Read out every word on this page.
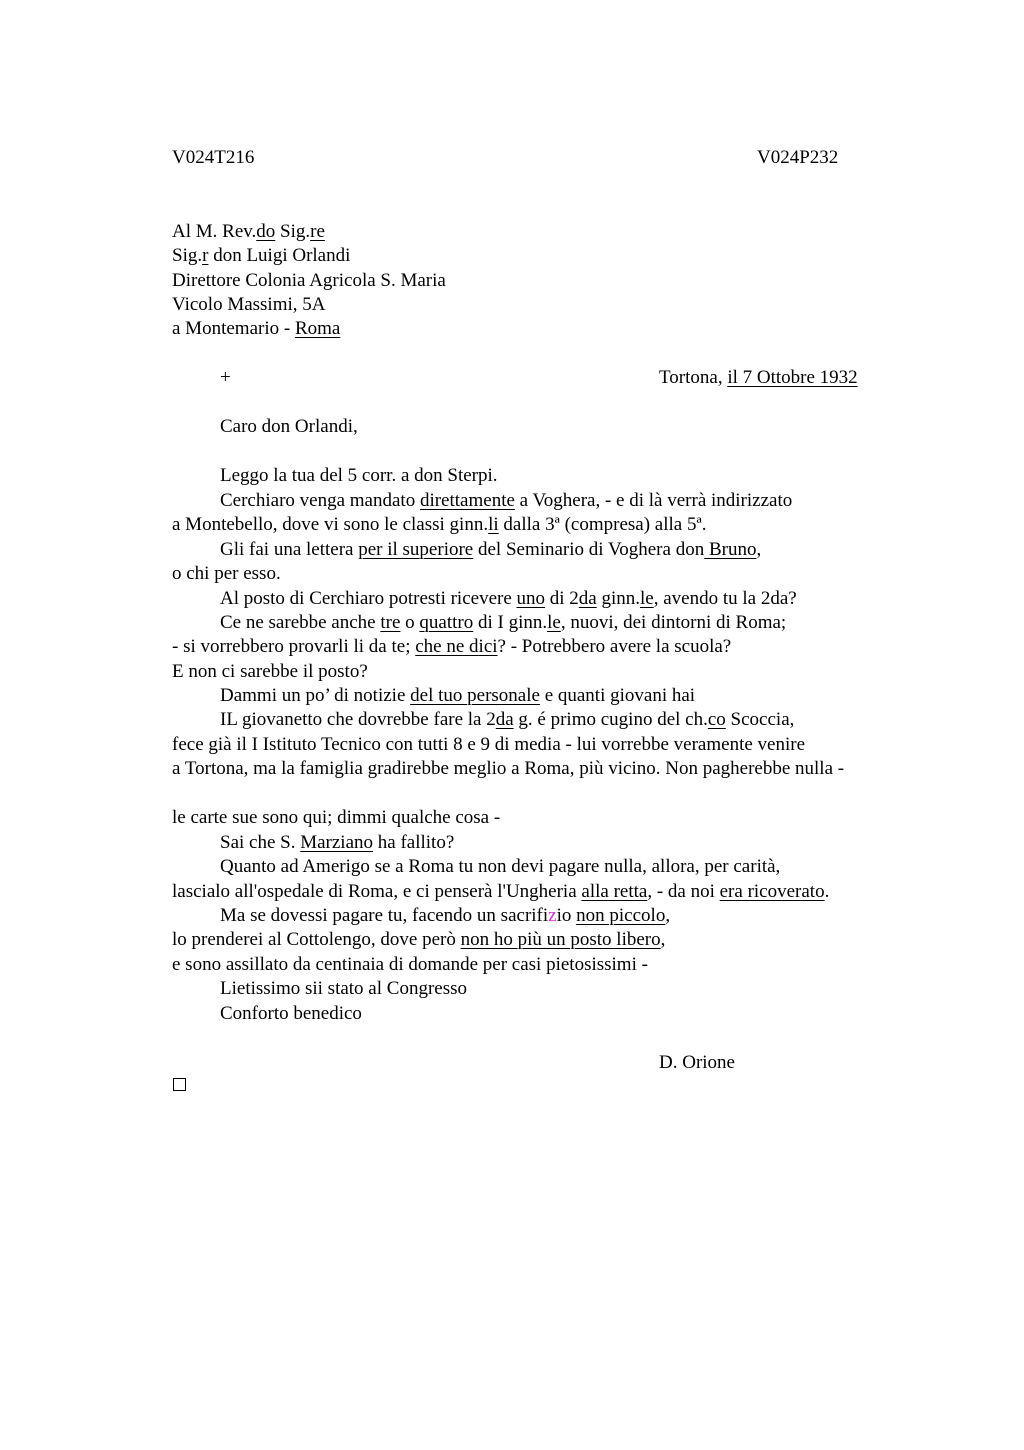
V024T216	V024P232
Al M. Rev.do Sig.re
Sig.r don Luigi Orlandi
Direttore Colonia Agricola S. Maria
Vicolo Massimi, 5A
a Montemario - Roma
+	Tortona, il 7 Ottobre 1932
Caro don Orlandi,
Leggo la tua del 5 corr. a don Sterpi.
Cerchiaro venga mandato direttamente a Voghera, - e di là verrà indirizzato
a Montebello, dove vi sono le classi ginn.li dalla 3ª (compresa) alla 5ª.
Gli fai una lettera per il superiore del Seminario di Voghera don Bruno,
o chi per esso.
Al posto di Cerchiaro potresti ricevere uno di 2da ginn.le, avendo tu la 2da?
Ce ne sarebbe anche tre o quattro di I ginn.le, nuovi, dei dintorni di Roma;
- si vorrebbero provarli li da te; che ne dici? - Potrebbero avere la scuola?
E non ci sarebbe il posto?
Dammi un po’ di notizie del tuo personale e quanti giovani hai
IL giovanetto che dovrebbe fare la 2da g. é primo cugino del ch.co Scoccia,
fece già il I Istituto Tecnico con tutti 8 e 9 di media - lui vorrebbe veramente venire
a Tortona, ma la famiglia gradirebbe meglio a Roma, più vicino. Non pagherebbe nulla -
le carte sue sono qui; dimmi qualche cosa -
Sai che S. Marziano ha fallito?
Quanto ad Amerigo se a Roma tu non devi pagare nulla, allora, per carità,
lascialo all'ospedale di Roma, e ci penserà l'Ungheria alla retta, - da noi era ricoverato.
Ma se dovessi pagare tu, facendo un sacrifizio non piccolo,
lo prenderei al Cottolengo, dove però non ho più un posto libero,
e sono assillato da centinaia di domande per casi pietosissimi -
Lietissimo sii stato al Congresso
Conforto benedico
D. Orione
